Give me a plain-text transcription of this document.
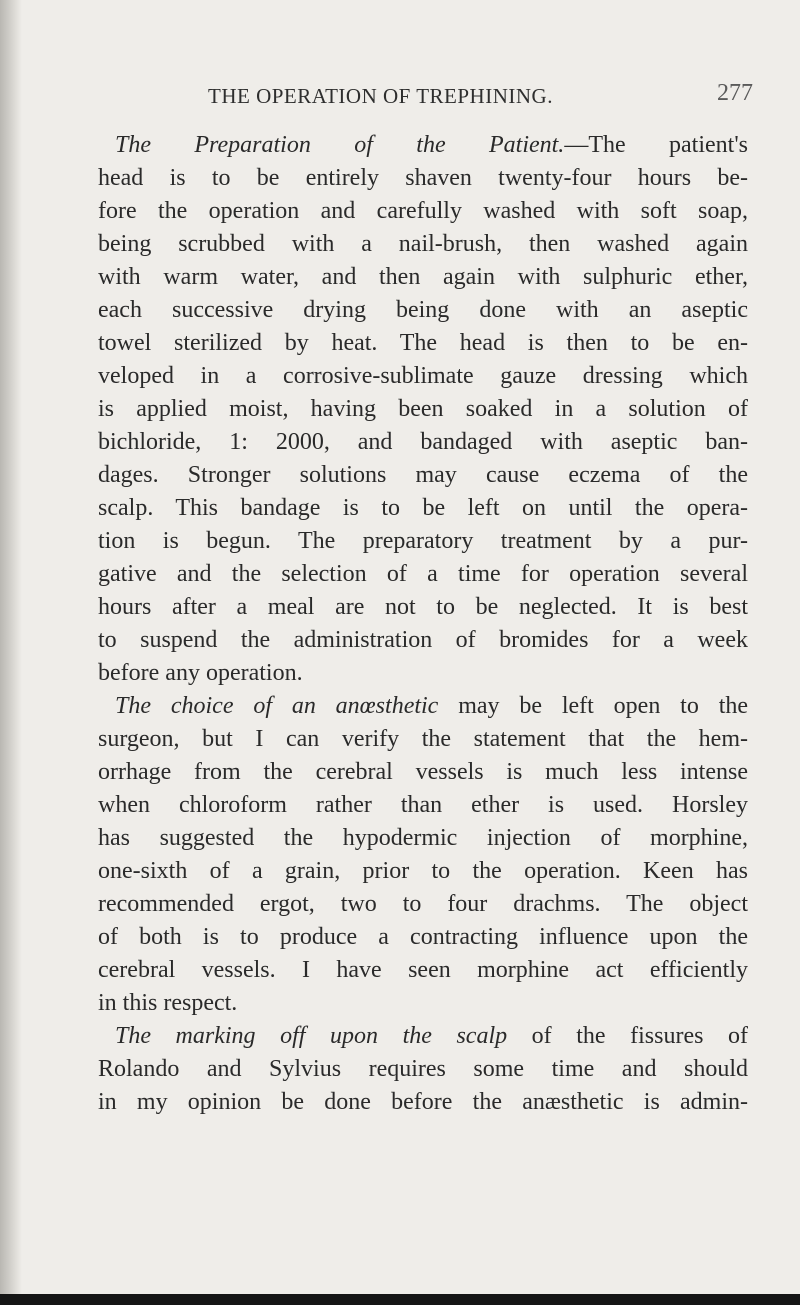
THE OPERATION OF TREPHINING.	277
The Preparation of the Patient.—The patient's
head is to be entirely shaven twenty-four hours be-
fore the operation and carefully washed with soft soap,
being scrubbed with a nail-brush, then washed again
with warm water, and then again with sulphuric ether,
each successive drying being done with an aseptic
towel sterilized by heat. The head is then to be en-
veloped in a corrosive-sublimate gauze dressing which
is applied moist, having been soaked in a solution of
bichloride, 1: 2000, and bandaged with aseptic ban-
dages. Stronger solutions may cause eczema of the
scalp. This bandage is to be left on until the opera-
tion is begun. The preparatory treatment by a pur-
gative and the selection of a time for operation several
hours after a meal are not to be neglected. It is best
to suspend the administration of bromides for a week
before any operation.
The choice of an anœsthetic may be left open to the
surgeon, but I can verify the statement that the hem-
orrhage from the cerebral vessels is much less intense
when chloroform rather than ether is used. Horsley
has suggested the hypodermic injection of morphine,
one-sixth of a grain, prior to the operation. Keen has
recommended ergot, two to four drachms. The object
of both is to produce a contracting influence upon the
cerebral vessels. I have seen morphine act efficiently
in this respect.
The marking off upon the scalp of the fissures of
Rolando and Sylvius requires some time and should
in my opinion be done before the anæsthetic is admin-
